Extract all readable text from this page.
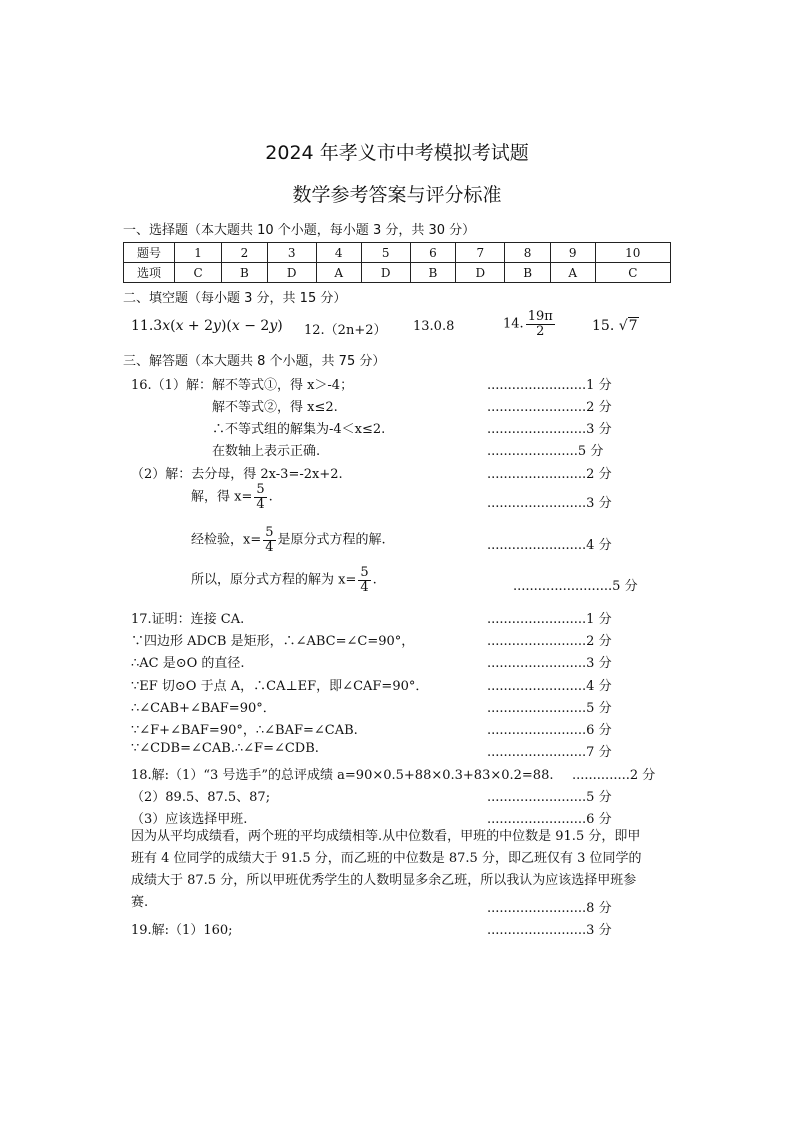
2024 年孝义市中考模拟考试题
数学参考答案与评分标准
一、选择题（本大题共 10 个小题，每小题 3 分，共 30 分）
题号	1	2	3	4	5	6	7	8	9	10
选项	C	B	D	A	D	B	D	B	A	C
二、填空题（每小题 3 分，共 15 分）
11.3x(x + 2y)(x − 2y) 12.（2n+2） 13.0.8	14. $\frac{19\pi}{2}$	15. √7
三、解答题（本大题共 8 个小题，共 75 分）
16.（1）解：解不等式①，得 x＞-4；	........................1 分
解不等式②，得 x≤2.	........................2 分
∴不等式组的解集为-4＜x≤2.	........................3 分
在数轴上表示正确.	......................5 分
（2）解：去分母，得 2x-3=-2x+2.	........................2 分
解，得 $x= \frac{5}{4}$ .	........................3 分
经检验，$x= \frac{5}{4}$ 是原分式方程的解.	........................4 分
所以，原分式方程的解为 $x= \frac{5}{4}$ .	........................5 分
17.证明：连接 CA.	........................1 分
∵四边形 ADCB 是矩形，∴∠ABC=∠C=90°，	........................2 分
∴AC 是⊙O 的直径.	........................3 分
∵EF 切⊙O 于点 A，∴CA⊥EF，即∠CAF=90°．	........................4 分
∴∠CAB+∠BAF=90°．	........................5 分
∵∠F+∠BAF=90°，∴∠BAF=∠CAB.	........................6 分
∵∠CDB=∠CAB.∴∠F=∠CDB.	........................7 分
18.解:（1）“3 号选手”的总评成绩 a=90×0.5+88×0.3+83×0.2=88. ..............2 分
（2）89.5、87.5、87;	........................5 分
（3）应该选择甲班.	........................6 分
因为从平均成绩看，两个班的平均成绩相等.从中位数看，甲班的中位数是 91.5 分，即甲班有 4 位同学的成绩大于 91.5 分，而乙班的中位数是 87.5 分，即乙班仅有 3 位同学的成绩大于 87.5 分，所以甲班优秀学生的人数明显多余乙班，所以我认为应该选择甲班参赛.	........................8 分
19.解:（1）160;	........................3 分
